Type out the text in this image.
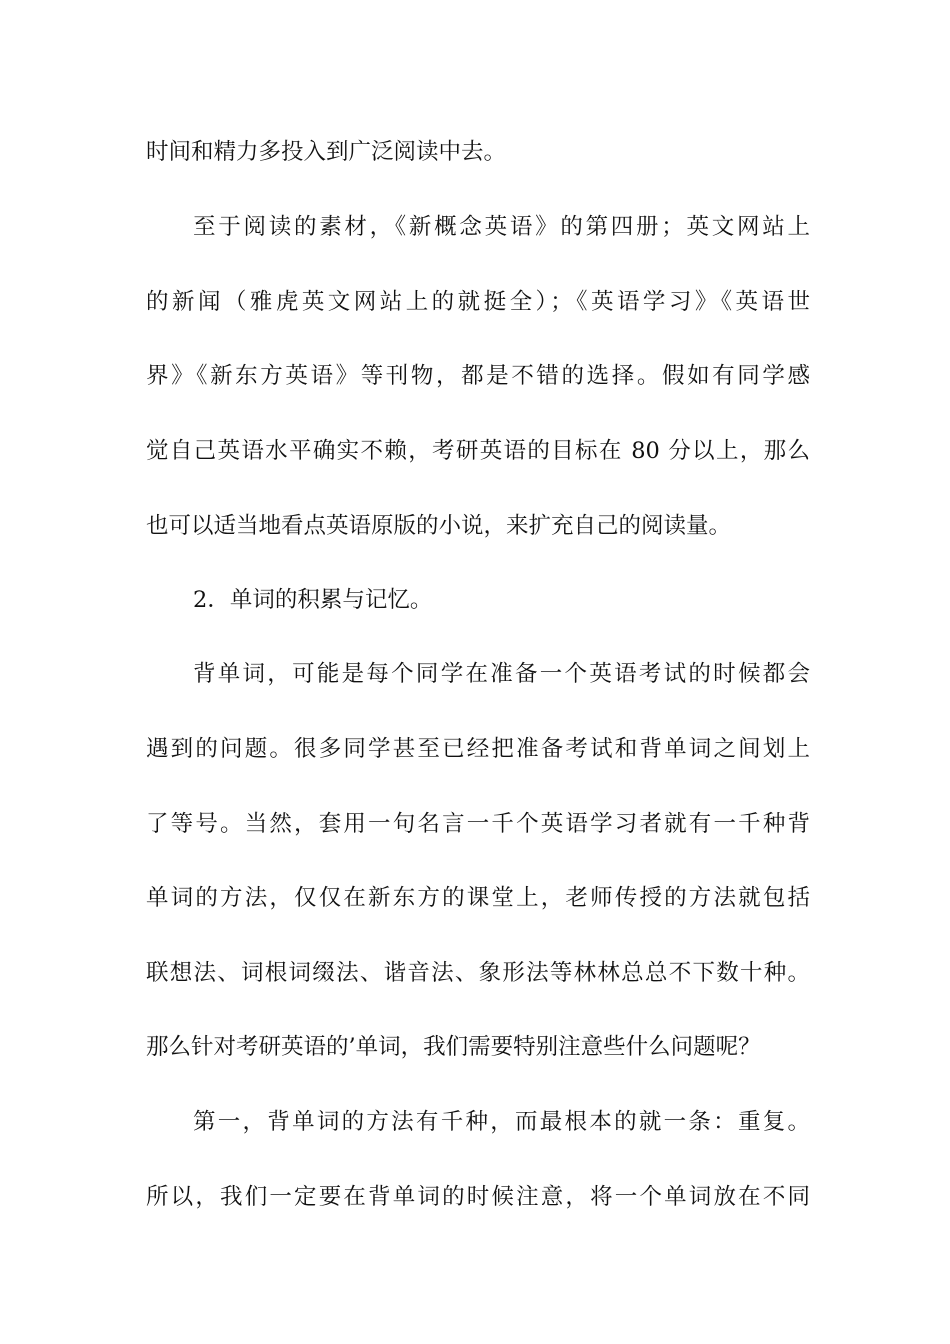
时间和精力多投入到广泛阅读中去。
至于阅读的素材，《新概念英语》的第四册；英文网站上
的新闻（雅虎英文网站上的就挺全）；《英语学习》《英语世
界》《新东方英语》等刊物，都是不错的选择。假如有同学感
觉自己英语水平确实不赖，考研英语的目标在 80 分以上，那么
也可以适当地看点英语原版的小说，来扩充自己的阅读量。
2．单词的积累与记忆。
背单词，可能是每个同学在准备一个英语考试的时候都会
遇到的问题。很多同学甚至已经把准备考试和背单词之间划上
了等号。当然，套用一句名言一千个英语学习者就有一千种背
单词的方法，仅仅在新东方的课堂上，老师传授的方法就包括
联想法、词根词缀法、谐音法、象形法等林林总总不下数十种。
那么针对考研英语的’单词，我们需要特别注意些什么问题呢？
第一，背单词的方法有千种，而最根本的就一条：重复。
所以，我们一定要在背单词的时候注意，将一个单词放在不同
